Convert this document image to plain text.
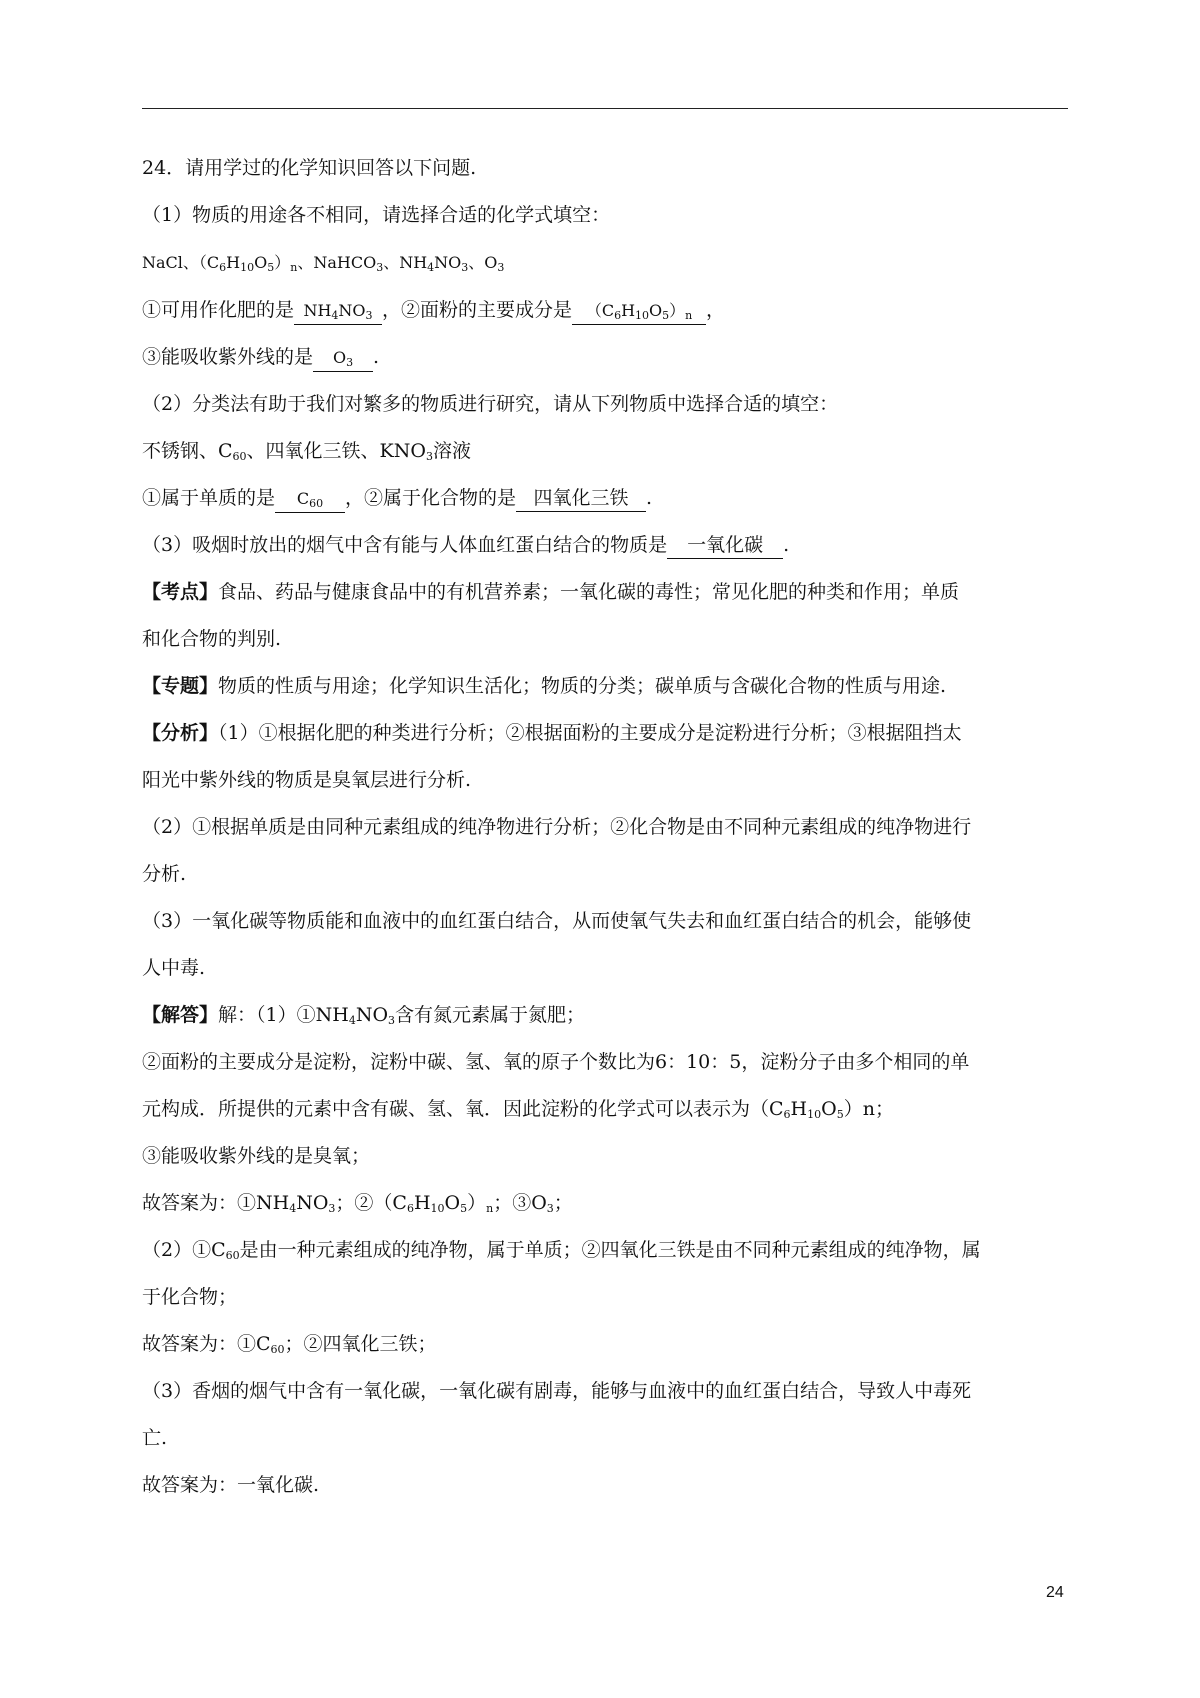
24．请用学过的化学知识回答以下问题.
（1）物质的用途各不相同，请选择合适的化学式填空：
NaCl、$(C_6H_{10}O_5)_n$、NaHCO$_3$、$NH_4NO_3$、$O_3$
①可用作化肥的是 $NH_4NO_3$ ，②面粉的主要成分是 $(C_6H_{10}O_5)_n$ ，
③能吸收紫外线的是 $O_3$ .
（2）分类法有助于我们对繁多的物质进行研究，请从下列物质中选择合适的填空：
不锈钢、$C_{60}$、四氧化三铁、$KNO_3$溶液
①属于单质的是 $C_{60}$ ，②属于化合物的是 四氧化三铁 .
（3）吸烟时放出的烟气中含有能与人体血红蛋白结合的物质是 一氧化碳 .
【考点】食品、药品与健康食品中的有机营养素；一氧化碳的毒性；常见化肥的种类和作用；单质
和化合物的判别.
【专题】物质的性质与用途；化学知识生活化；物质的分类；碳单质与含碳化合物的性质与用途.
【分析】（1）①根据化肥的种类进行分析；②根据面粉的主要成分是淀粉进行分析；③根据阻挡太
阳光中紫外线的物质是臭氧层进行分析.
（2）①根据单质是由同种元素组成的纯净物进行分析；②化合物是由不同种元素组成的纯净物进行
分析.
（3）一氧化碳等物质能和血液中的血红蛋白结合，从而使氧气失去和血红蛋白结合的机会，能够使
人中毒.
【解答】解：$(1)①NH_4NO_3$含有氮元素属于氮肥；
②面粉的主要成分是淀粉，淀粉中碳、氢、氧的原子个数比为6：10：5，淀粉分子由多个相同的单
元构成．所提供的元素中含有碳、氢、氧．因此淀粉的化学式可以表示为$(C_6H_{10}O_5)n$；
③能吸收紫外线的是臭氧；
故答案为：$①NH_4NO_3$；$②(C_6H_{10}O_5)_n$；$③O_3$；
$(2)①C_{60}$是由一种元素组成的纯净物，属于单质；②四氧化三铁是由不同种元素组成的纯净物，属
于化合物；
故答案为：$①C_{60}$；②四氧化三铁；
（3）香烟的烟气中含有一氧化碳，一氧化碳有剧毒，能够与血液中的血红蛋白结合，导致人中毒死
亡.
故答案为：一氧化碳.
24
